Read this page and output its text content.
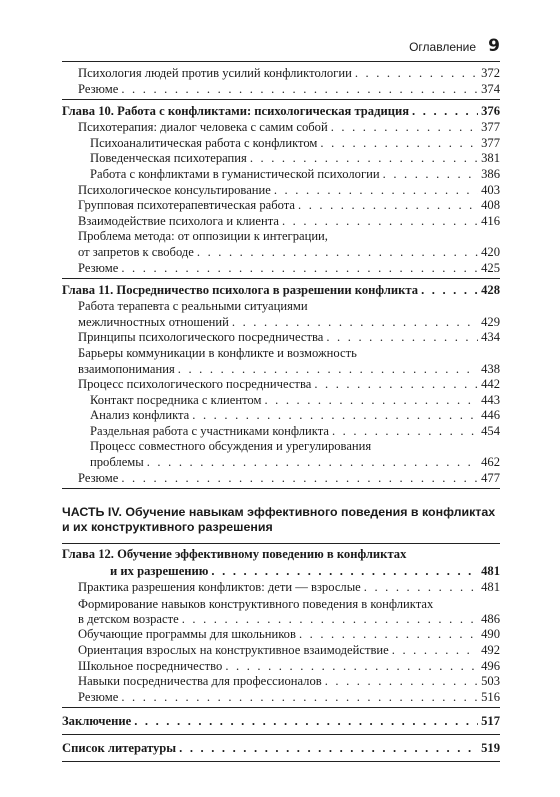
Оглавление 9
Психология людей против усилий конфликтологии . . .	372
Резюме . . .	374
Глава 10. Работа с конфликтами: психологическая традиция . . .	376
Психотерапия: диалог человека с самим собой . . .	377
Психоаналитическая работа с конфликтом . . .	377
Поведенческая психотерапия . . .	381
Работа с конфликтами в гуманистической психологии . . .	386
Психологическое консультирование . . .	403
Групповая психотерапевтическая работа . . .	408
Взаимодействие психолога и клиента . . .	416
Проблема метода: от оппозиции к интеграции,
от запретов к свободе . . .	420
Резюме . . .	425
Глава 11. Посредничество психолога в разрешении конфликта . . .	428
Работа терапевта с реальными ситуациями
межличностных отношений . . .	429
Принципы психологического посредничества . . .	434
Барьеры коммуникации в конфликте и возможность
взаимопонимания . . .	438
Процесс психологического посредничества . . .	442
Контакт посредника с клиентом . . .	443
Анализ конфликта . . .	446
Раздельная работа с участниками конфликта . . .	454
Процесс совместного обсуждения и урегулирования
проблемы . . .	462
Резюме . . .	477
ЧАСТЬ IV. Обучение навыкам эффективного поведения в конфликтах
и их конструктивного разрешения
Глава 12. Обучение эффективному поведению в конфликтах
и их разрешению . . .	481
Практика разрешения конфликтов: дети — взрослые . . .	481
Формирование навыков конструктивного поведения в конфликтах
в детском возрасте . . .	486
Обучающие программы для школьников . . .	490
Ориентация взрослых на конструктивное взаимодействие . . .	492
Школьное посредничество . . .	496
Навыки посредничества для профессионалов . . .	503
Резюме . . .	516
Заключение . . .	517
Список литературы . . .	519
